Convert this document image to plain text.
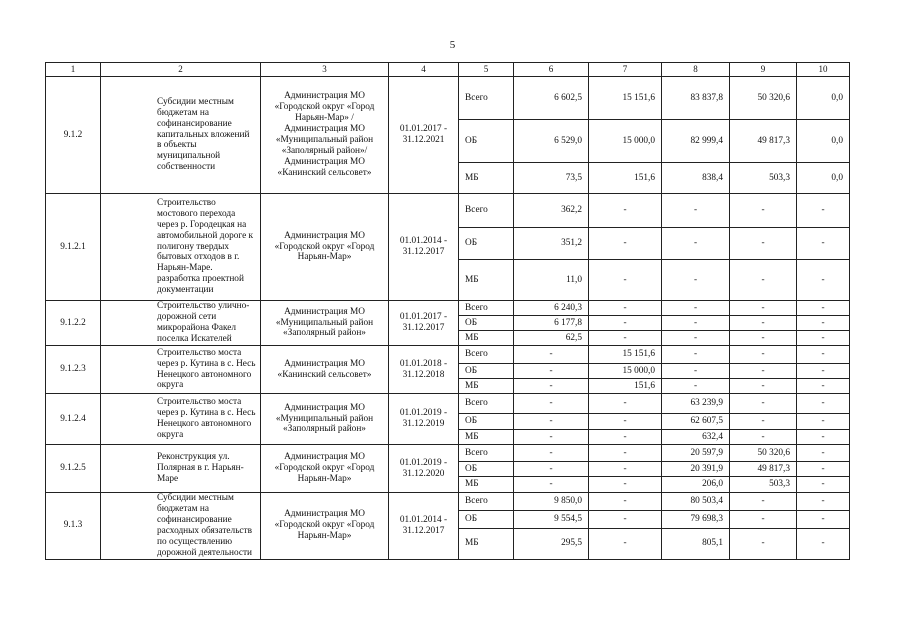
5
1	2	3	4	5	6	7	8	9	10
9.1.2	Субсидии местным бюджетам на софинансирование капитальных вложений в объекты муниципальной собственности	Администрация МО «Городской округ «Город Нарьян-Мар» / Администрация МО «Муниципальный район «Заполярный район»/ Администрация МО «Канинский сельсовет»	01.01.2017 - 31.12.2021	Всего	6 602,5	15 151,6	83 837,8	50 320,6	0,0
				ОБ	6 529,0	15 000,0	82 999,4	49 817,3	0,0
				МБ	73,5	151,6	838,4	503,3	0,0
9.1.2.1	Строительство мостового перехода через р. Городецкая на автомобильной дороге к полигону твердых бытовых отходов в г. Нарьян-Маре. разработка проектной документации	Администрация МО «Городской округ «Город Нарьян-Мар»	01.01.2014 - 31.12.2017	Всего	362,2	-	-	-	-
				ОБ	351,2	-	-	-	-
				МБ	11,0	-	-	-	-
9.1.2.2	Строительство улично-дорожной сети микрорайона Факел поселка Искателей	Администрация МО «Муниципальный район «Заполярный район»	01.01.2017 - 31.12.2017	Всего	6 240,3	-	-	-	-
				ОБ	6 177,8	-	-	-	-
				МБ	62,5	-	-	-	-
9.1.2.3	Строительство моста через р. Кутина в с. Несь Ненецкого автономного округа	Администрация МО «Канинский сельсовет»	01.01.2018 - 31.12.2018	Всего	-	15 151,6	-	-	-
				ОБ	-	15 000,0	-	-	-
				МБ	-	151,6	-	-	-
9.1.2.4	Строительство моста через р. Кутина в с. Несь Ненецкого автономного округа	Администрация МО «Муниципальный район «Заполярный район»	01.01.2019 - 31.12.2019	Всего	-	-	63 239,9	-	-
				ОБ	-	-	62 607,5	-	-
				МБ	-	-	632,4	-	-
9.1.2.5	Реконструкция ул. Полярная в г. Нарьян-Маре	Администрация МО «Городской округ «Город Нарьян-Мар»	01.01.2019 - 31.12.2020	Всего	-	-	20 597,9	50 320,6	-
				ОБ	-	-	20 391,9	49 817,3	-
				МБ	-	-	206,0	503,3	-
9.1.3	Субсидии местным бюджетам на софинансирование расходных обязательств по осуществлению дорожной деятельности	Администрация МО «Городской округ «Город Нарьян-Мар»	01.01.2014 - 31.12.2017	Всего	9 850,0	-	80 503,4	-	-
				ОБ	9 554,5	-	79 698,3	-	-
				МБ	295,5	-	805,1	-	-
